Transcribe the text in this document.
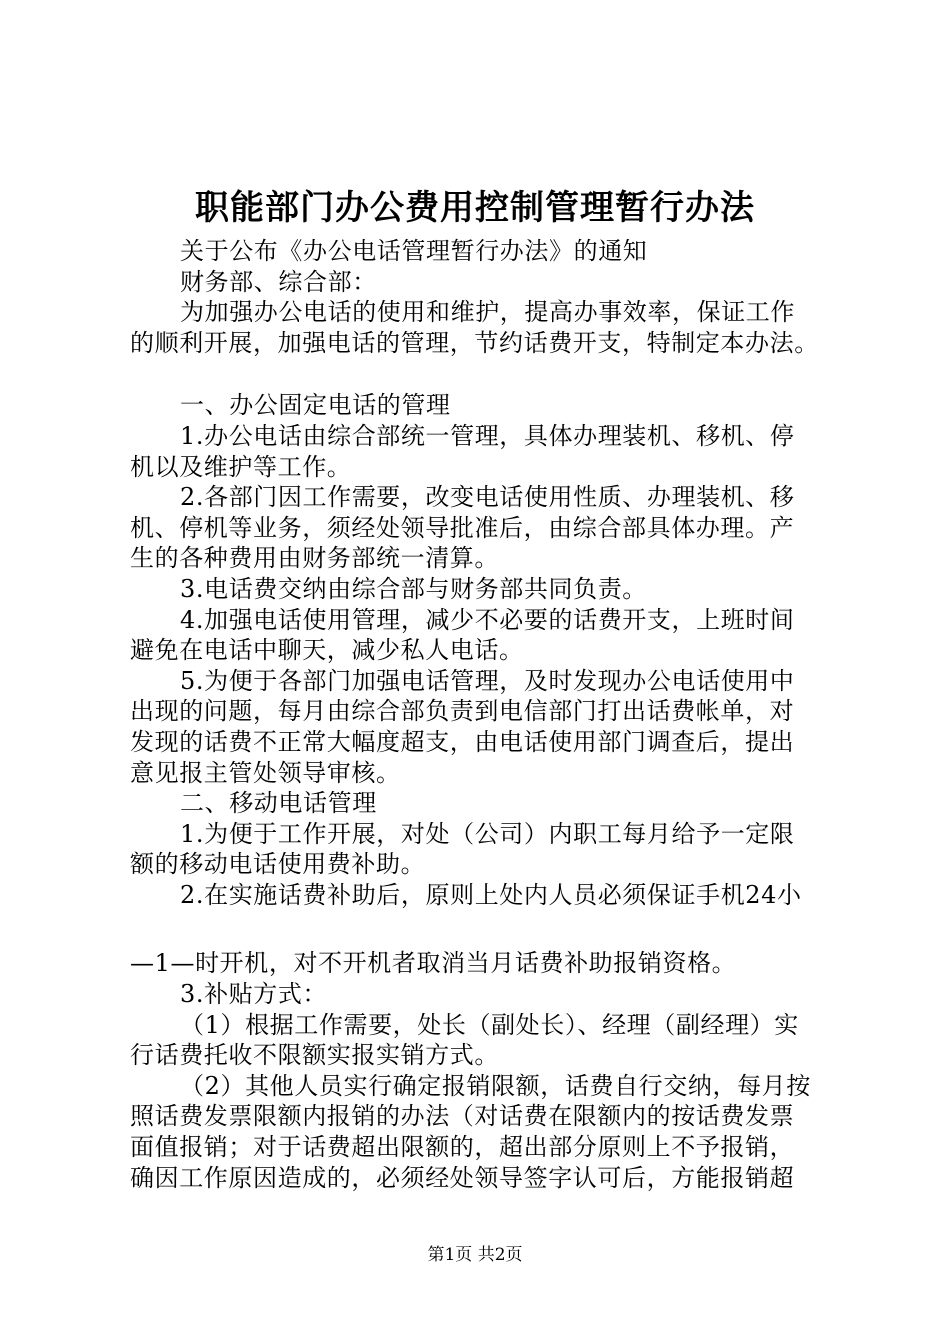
职能部门办公费用控制管理暂行办法
关于公布《办公电话管理暂行办法》的通知
财务部、综合部：
为加强办公电话的使用和维护，提高办事效率，保证工作
的顺利开展，加强电话的管理，节约话费开支，特制定本办法。
一、办公固定电话的管理
1.办公电话由综合部统一管理，具体办理装机、移机、停
机以及维护等工作。
2.各部门因工作需要，改变电话使用性质、办理装机、移
机、停机等业务，须经处领导批准后，由综合部具体办理。产
生的各种费用由财务部统一清算。
3.电话费交纳由综合部与财务部共同负责。
4.加强电话使用管理，减少不必要的话费开支，上班时间
避免在电话中聊天，减少私人电话。
5.为便于各部门加强电话管理，及时发现办公电话使用中
出现的问题，每月由综合部负责到电信部门打出话费帐单，对
发现的话费不正常大幅度超支，由电话使用部门调查后，提出
意见报主管处领导审核。
二、移动电话管理
1.为便于工作开展，对处（公司）内职工每月给予一定限
额的移动电话使用费补助。
2.在实施话费补助后，原则上处内人员必须保证手机24小
—1—时开机，对不开机者取消当月话费补助报销资格。
3.补贴方式：
（1）根据工作需要，处长（副处长）、经理（副经理）实
行话费托收不限额实报实销方式。
（2）其他人员实行确定报销限额，话费自行交纳，每月按
照话费发票限额内报销的办法（对话费在限额内的按话费发票
面值报销；对于话费超出限额的，超出部分原则上不予报销，
确因工作原因造成的，必须经处领导签字认可后，方能报销超
第1页 共2页
